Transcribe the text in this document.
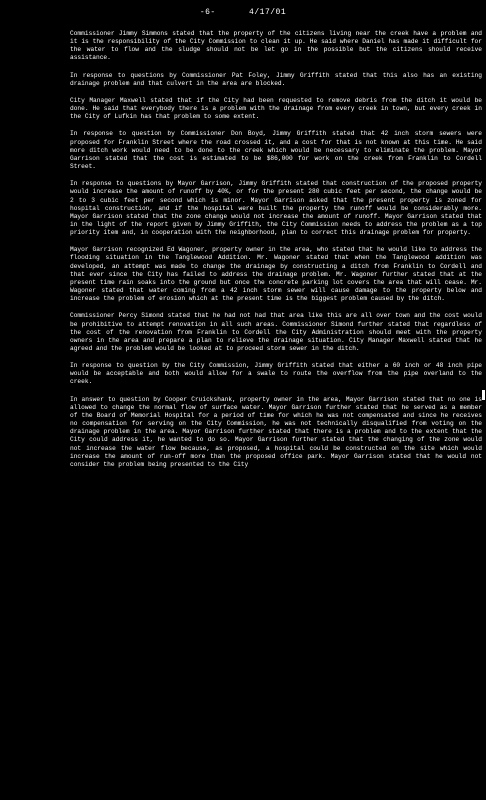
-6-	4/17/01

Commissioner Jimmy Simmons stated that the property of the citizens living near the creek have a problem and it is the responsibility of the City Commission to clean it up. He said where Daniel has made it difficult for the water to flow and the sludge should not be let go in the possible but the citizens should receive assistance.

In response to questions by Commissioner Pat Foley, Jimmy Griffith stated that this also has an existing drainage problem and that culvert in the area are blocked.

City Manager Maxwell stated that if the City had been requested to remove debris from the ditch it would be done. He said that everybody there is a problem with the drainage from every creek in town, but every creek in the City of Lufkin has that problem to some extent.

In response to question by Commissioner Don Boyd, Jimmy Griffith stated that 42 inch storm sewers were proposed for Franklin Street where the road crossed it, and a cost for that is not known at this time. He said more ditch work would need to be done to the creek which would be necessary to eliminate the problem. Mayor Garrison stated that the cost is estimated to be $86,000 for work on the creek from Franklin to Cordell Street.

In response to questions by Mayor Garrison, Jimmy Griffith stated that construction of the proposed property would increase the amount of runoff by 40%, or for the present 280 cubic feet per second, the change would be 2 to 3 cubic feet per second which is minor. Mayor Garrison asked that the present property is zoned for hospital construction, and if the hospital were built the property the runoff would be considerably more. Mayor Garrison stated that the zone change would not increase the amount of runoff. Mayor Garrison stated that in the light of the report given by Jimmy Griffith, the City Commission needs to address the problem as a top priority item and, in cooperation with the neighborhood, plan to correct this drainage problem for property.

Mayor Garrison recognized Ed Wagoner, property owner in the area, who stated that he would like to address the flooding situation in the Tanglewood Addition. Mr. Wagoner stated that when the Tanglewood addition was developed, an attempt was made to change the drainage by constructing a ditch from Franklin to Cordell and that ever since the City has failed to address the drainage problem. Mr. Wagoner further stated that at the present time rain soaks into the ground but once the concrete parking lot covers the area that will cease. Mr. Wagoner stated that water coming from a 42 inch storm sewer will cause damage to the property below and increase the problem of erosion which at the present time is the biggest problem caused by the ditch.

Commissioner Percy Simond stated that he had not had that area like this are all over town and the cost would be prohibitive to attempt renovation in all such areas. Commissioner Simond further stated that regardless of the cost of the renovation from Franklin to Cordell the City Administration should meet with the property owners in the area and prepare a plan to relieve the drainage situation. City Manager Maxwell stated that he agreed and the problem would be looked at to proceed storm sewer in the ditch.

In response to question by the City Commission, Jimmy Griffith stated that either a 60 inch or 48 inch pipe would be acceptable and both would allow for a swale to route the overflow from the pipe overland to the creek.

In answer to question by Cooper Cruickshank, property owner in the area, Mayor Garrison stated that no one is allowed to change the normal flow of surface water. Mayor Garrison further stated that he served as a member of the Board of Memorial Hospital for a period of time for which he was not compensated and since he receives no compensation for serving on the City Commission, he was not technically disqualified from voting on the drainage problem in the area. Mayor Garrison further stated that there is a problem and to the extent that the City could address it, he wanted to do so. Mayor Garrison further stated that the changing of the zone would not increase the water flow because, as proposed, a hospital could be constructed on the site which would increase the amount of run-off more than the proposed office park. Mayor Garrison stated that he would not consider the problem being presented to the City
